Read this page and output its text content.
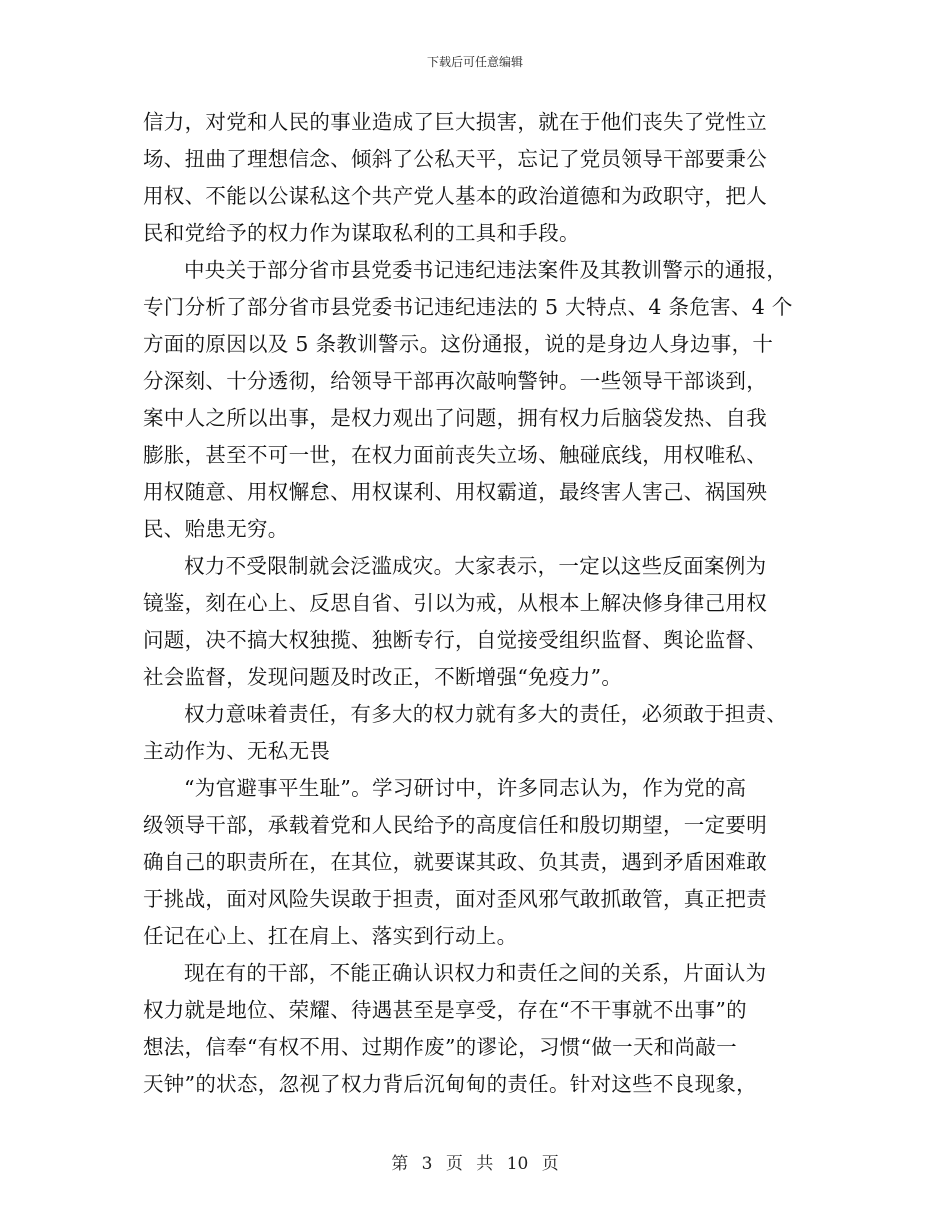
下载后可任意编辑

信力，对党和人民的事业造成了巨大损害，就在于他们丧失了党性立
场、扭曲了理想信念、倾斜了公私天平，忘记了党员领导干部要秉公
用权、不能以公谋私这个共产党人基本的政治道德和为政职守，把人
民和党给予的权力作为谋取私利的工具和手段。

中央关于部分省市县党委书记违纪违法案件及其教训警示的通报，
专门分析了部分省市县党委书记违纪违法的 5 大特点、4 条危害、4 个
方面的原因以及 5 条教训警示。这份通报，说的是身边人身边事，十
分深刻、十分透彻，给领导干部再次敲响警钟。一些领导干部谈到，
案中人之所以出事，是权力观出了问题，拥有权力后脑袋发热、自我
膨胀，甚至不可一世，在权力面前丧失立场、触碰底线，用权唯私、
用权随意、用权懈怠、用权谋利、用权霸道，最终害人害己、祸国殃
民、贻患无穷。

权力不受限制就会泛滥成灾。大家表示，一定以这些反面案例为
镜鉴，刻在心上、反思自省、引以为戒，从根本上解决修身律己用权
问题，决不搞大权独揽、独断专行，自觉接受组织监督、舆论监督、
社会监督，发现问题及时改正，不断增强“免疫力”。

权力意味着责任，有多大的权力就有多大的责任，必须敢于担责、
主动作为、无私无畏

“为官避事平生耻”。学习研讨中，许多同志认为，作为党的高
级领导干部，承载着党和人民给予的高度信任和殷切期望，一定要明
确自己的职责所在，在其位，就要谋其政、负其责，遇到矛盾困难敢
于挑战，面对风险失误敢于担责，面对歪风邪气敢抓敢管，真正把责
任记在心上、扛在肩上、落实到行动上。

现在有的干部，不能正确认识权力和责任之间的关系，片面认为
权力就是地位、荣耀、待遇甚至是享受，存在“不干事就不出事”的
想法，信奉“有权不用、过期作废”的谬论，习惯“做一天和尚敲一
天钟”的状态，忽视了权力背后沉甸甸的责任。针对这些不良现象，

第 3 页 共 10 页
